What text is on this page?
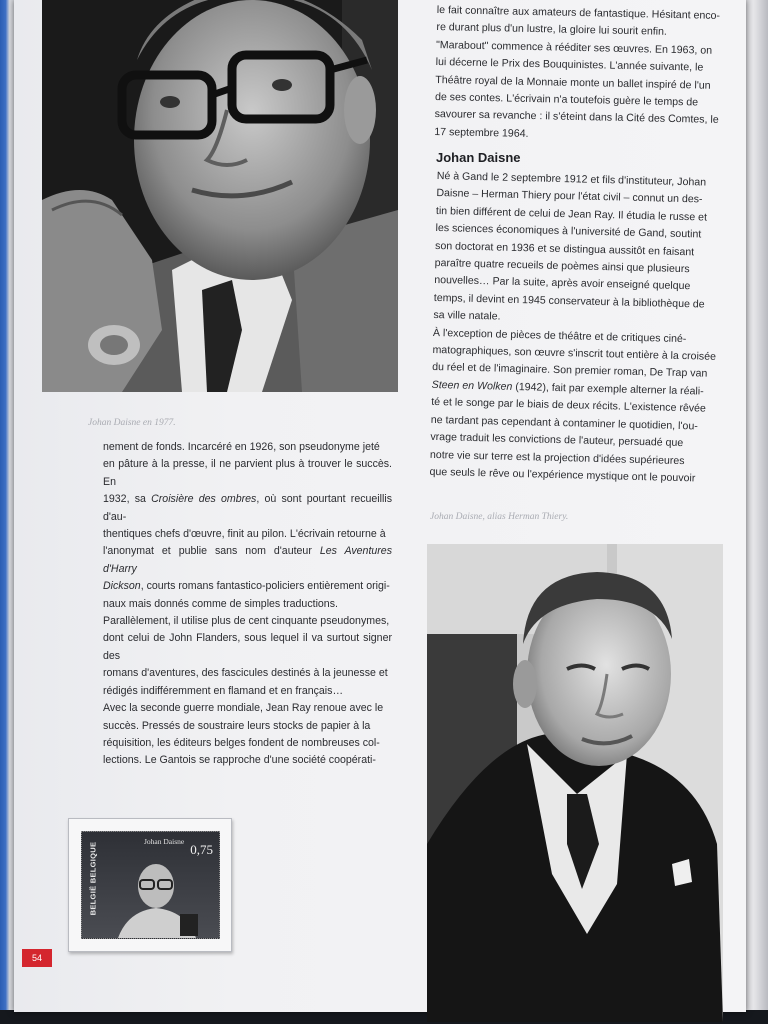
Johan Daisne en 1977.

nement de fonds. Incarcéré en 1926, son pseudonyme jeté

en pâture à la presse, il ne parvient plus à trouver le succès. En

1932, sa Croisière des ombres, où sont pourtant recueillis d'au-

thentiques chefs d'œuvre, finit au pilon. L'écrivain retourne à

l'anonymat et publie sans nom d'auteur Les Aventures d'Harry

Dickson, courts romans fantastico-policiers entièrement origi-

naux mais donnés comme de simples traductions.

Parallèlement, il utilise plus de cent cinquante pseudonymes,

dont celui de John Flanders, sous lequel il va surtout signer des

romans d'aventures, des fascicules destinés à la jeunesse et

rédigés indifféremment en flamand et en français…

Avec la seconde guerre mondiale, Jean Ray renoue avec le

succès. Pressés de soustraire leurs stocks de papier à la

réquisition, les éditeurs belges fondent de nombreuses col-

lections. Le Gantois se rapproche d'une société coopérati-

le fait connaître aux amateurs de fantastique. Hésitant enco-

re durant plus d'un lustre, la gloire lui sourit enfin.

"Marabout" commence à rééditer ses œuvres. En 1963, on

lui décerne le Prix des Bouquinistes. L'année suivante, le

Théâtre royal de la Monnaie monte un ballet inspiré de l'un

de ses contes. L'écrivain n'a toutefois guère le temps de

savourer sa revanche : il s'éteint dans la Cité des Comtes, le

17 septembre 1964.

Johan Daisne

Né à Gand le 2 septembre 1912 et fils d'instituteur, Johan

Daisne – Herman Thiery pour l'état civil – connut un des-

tin bien différent de celui de Jean Ray. Il étudia le russe et

les sciences économiques à l'université de Gand, soutint

son doctorat en 1936 et se distingua aussitôt en faisant

paraître quatre recueils de poèmes ainsi que plusieurs

nouvelles… Par la suite, après avoir enseigné quelque

temps, il devint en 1945 conservateur à la bibliothèque de

sa ville natale.

À l'exception de pièces de théâtre et de critiques ciné-

matographiques, son œuvre s'inscrit tout entière à la croisée

du réel et de l'imaginaire. Son premier roman, De Trap van

Steen en Wolken (1942), fait par exemple alterner la réali-

té et le songe par le biais de deux récits. L'existence rêvée

ne tardant pas cependant à contaminer le quotidien, l'ou-

vrage traduit les convictions de l'auteur, persuadé que

notre vie sur terre est la projection d'idées supérieures

que seuls le rêve ou l'expérience mystique ont le pouvoir

Johan Daisne, alias Herman Thiery.
BELGIË BELGIQUE
Johan Daisne
0,75
54
